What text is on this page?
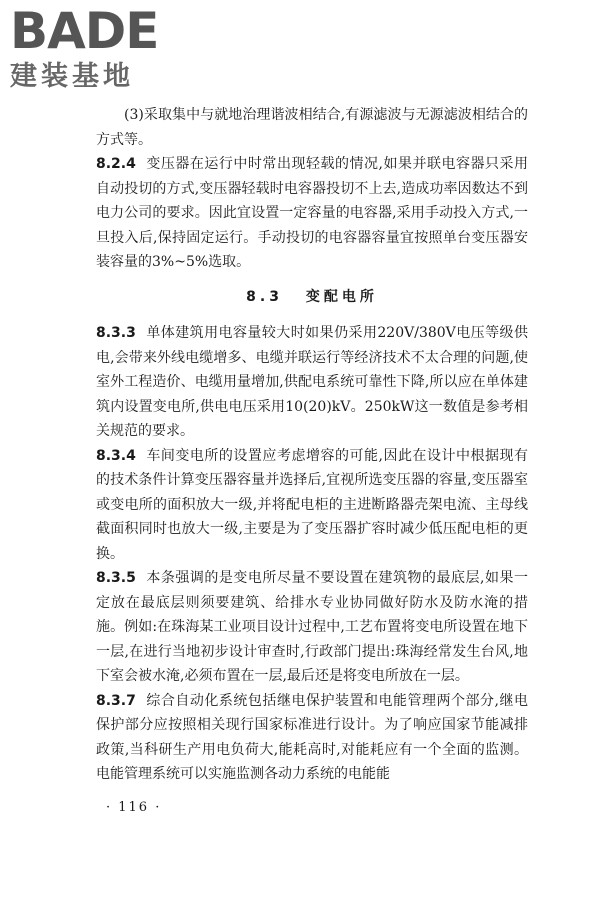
BADE
建装基地

(3)采取集中与就地治理谐波相结合,有源滤波与无源滤波相结合的方式等。

8.2.4 变压器在运行中时常出现轻载的情况,如果并联电容器只采用自动投切的方式,变压器轻载时电容器投切不上去,造成功率因数达不到电力公司的要求。因此宜设置一定容量的电容器,采用手动投入方式,一旦投入后,保持固定运行。手动投切的电容器容量宜按照单台变压器安装容量的3%~5%选取。

8.3 变配电所

8.3.3 单体建筑用电容量较大时如果仍采用220V/380V电压等级供电,会带来外线电缆增多、电缆并联运行等经济技术不太合理的问题,使室外工程造价、电缆用量增加,供配电系统可靠性下降,所以应在单体建筑内设置变电所,供电电压采用10(20)kV。250kW这一数值是参考相关规范的要求。

8.3.4 车间变电所的设置应考虑增容的可能,因此在设计中根据现有的技术条件计算变压器容量并选择后,宜视所选变压器的容量,变压器室或变电所的面积放大一级,并将配电柜的主进断路器壳架电流、主母线截面积同时也放大一级,主要是为了变压器扩容时减少低压配电柜的更换。

8.3.5 本条强调的是变电所尽量不要设置在建筑物的最底层,如果一定放在最底层则须要建筑、给排水专业协同做好防水及防水淹的措施。例如:在珠海某工业项目设计过程中,工艺布置将变电所设置在地下一层,在进行当地初步设计审查时,行政部门提出:珠海经常发生台风,地下室会被水淹,必须布置在一层,最后还是将变电所放在一层。

8.3.7 综合自动化系统包括继电保护装置和电能管理两个部分,继电保护部分应按照相关现行国家标准进行设计。为了响应国家节能减排政策,当科研生产用电负荷大,能耗高时,对能耗应有一个全面的监测。电能管理系统可以实施监测各动力系统的电能能

· 116 ·
